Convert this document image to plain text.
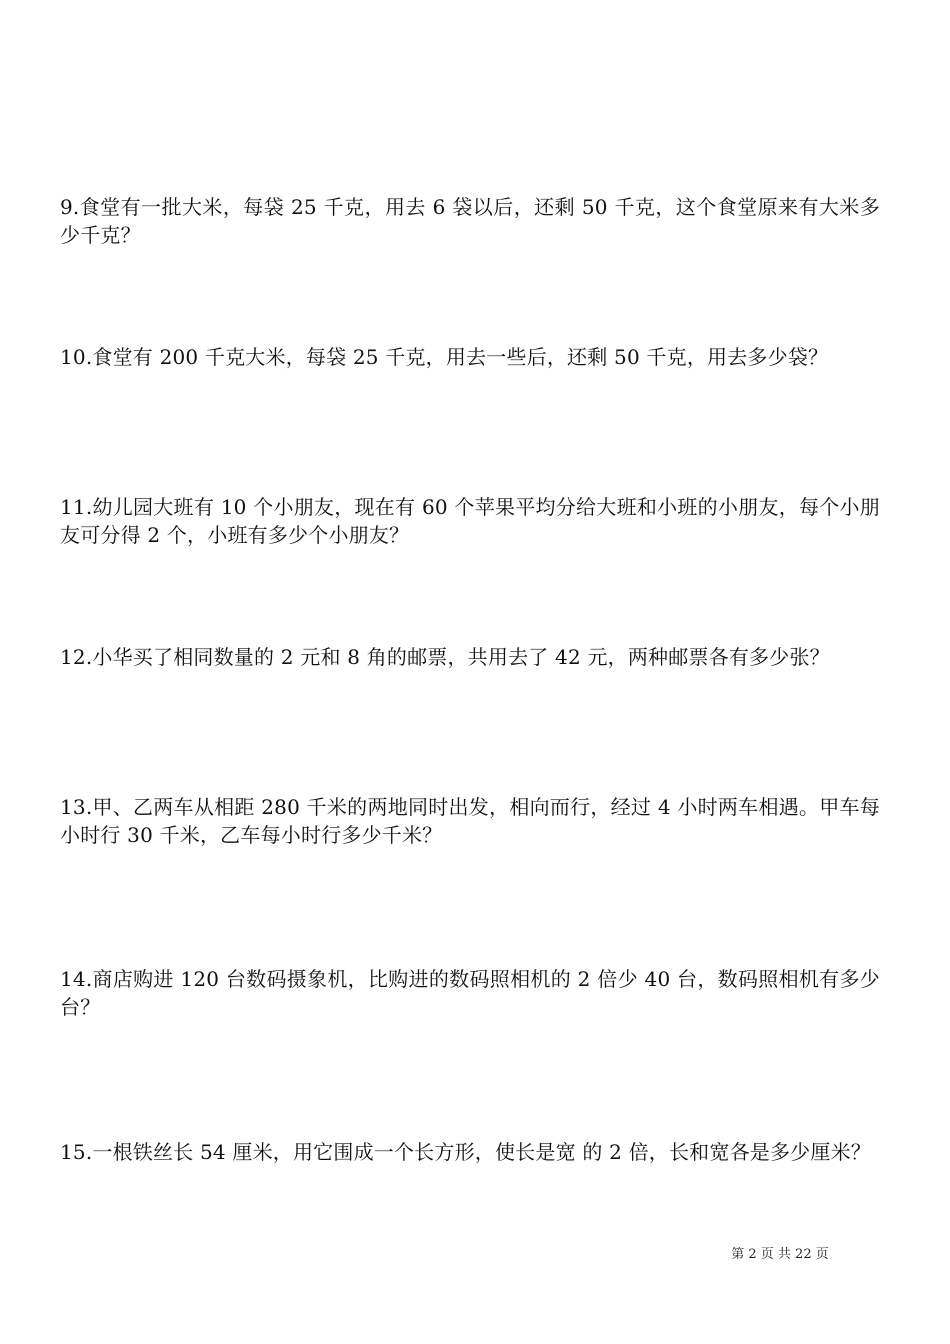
9.食堂有一批大米，每袋 25 千克，用去 6 袋以后，还剩 50 千克，这个食堂原来有大米多少千克？
10.食堂有 200 千克大米，每袋 25 千克，用去一些后，还剩 50 千克，用去多少袋？
11.幼儿园大班有 10 个小朋友，现在有 60 个苹果平均分给大班和小班的小朋友，每个小朋友可分得 2 个，小班有多少个小朋友？
12.小华买了相同数量的 2 元和 8 角的邮票，共用去了 42 元，两种邮票各有多少张？
13.甲、乙两车从相距 280 千米的两地同时出发，相向而行，经过 4 小时两车相遇。甲车每小时行 30 千米，乙车每小时行多少千米？
14.商店购进 120 台数码摄象机，比购进的数码照相机的 2 倍少 40 台，数码照相机有多少台？
15.一根铁丝长 54 厘米，用它围成一个长方形，使长是宽 的 2 倍，长和宽各是多少厘米？
第 2 页 共 22 页
